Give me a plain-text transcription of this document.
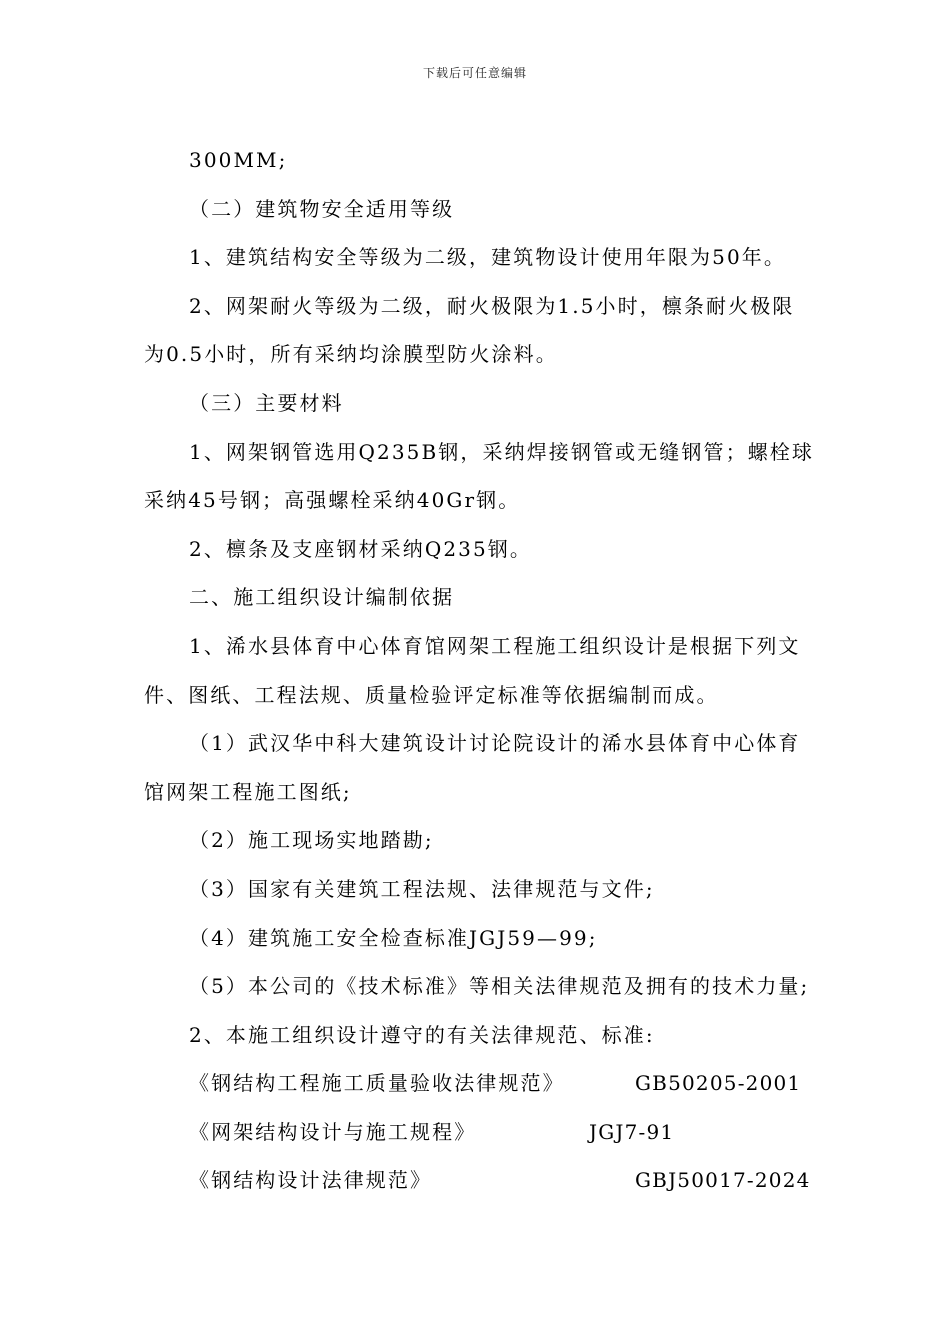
下载后可任意编辑
300MM;
（二）建筑物安全适用等级
1、建筑结构安全等级为二级，建筑物设计使用年限为50年。
2、网架耐火等级为二级，耐火极限为1.5小时，檩条耐火极限
为0.5小时，所有采纳均涂膜型防火涂料。
（三）主要材料
1、网架钢管选用Q235B钢，采纳焊接钢管或无缝钢管；螺栓球
采纳45号钢；高强螺栓采纳40Gr钢。
2、檩条及支座钢材采纳Q235钢。
二、施工组织设计编制依据
1、浠水县体育中心体育馆网架工程施工组织设计是根据下列文
件、图纸、工程法规、质量检验评定标准等依据编制而成。
（1）武汉华中科大建筑设计讨论院设计的浠水县体育中心体育
馆网架工程施工图纸;
（2）施工现场实地踏勘;
（3）国家有关建筑工程法规、法律规范与文件;
（4）建筑施工安全检查标准JGJ59—99;
（5）本公司的《技术标准》等相关法律规范及拥有的技术力量;
2、本施工组织设计遵守的有关法律规范、标准:
《钢结构工程施工质量验收法律规范》	GB50205-2001
《网架结构设计与施工规程》	JGJ7-91
《钢结构设计法律规范》	GBJ50017-2024
